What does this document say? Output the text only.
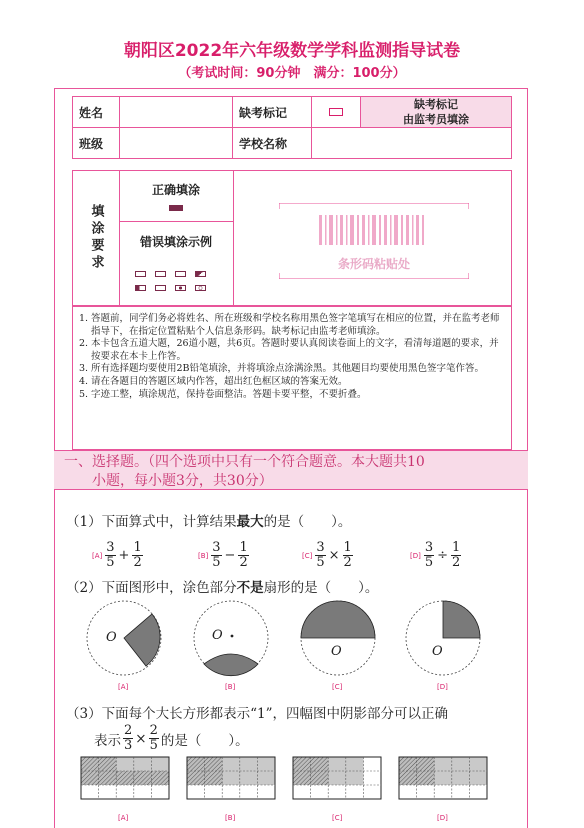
朝阳区2022年六年级数学学科监测指导试卷
（考试时间：90分钟　满分：100分）
姓名		缺考标记		缺考标记
由监考员填涂

班级		学校名称		
填涂要求
正确填涂
错误填涂示例
条形码粘贴处
1. 答题前，同学们务必将姓名、所在班级和学校名称用黑色签字笔填写在相应的位置，并在监考老师指导下，在指定位置粘贴个人信息条形码。缺考标记由监考老师填涂。
2. 本卡包含五道大题，26道小题，共6页。答题时要认真阅读卷面上的文字，看清每道题的要求，并按要求在本卡上作答。
3. 所有选择题均要使用2B铅笔填涂，并将填涂点涂满涂黑。其他题目均要使用黑色签字笔作答。
4. 请在各题目的答题区域内作答，超出红色框区域的答案无效。
5. 字迹工整，填涂规范，保持卷面整洁。答题卡要平整，不要折叠。
一、选择题。（四个选项中只有一个符合题意。本大题共10
小题，每小题3分，共30分）
（1）下面算式中，计算结果最大的是（　　）。
$[A] \frac{3}{5} + \frac{1}{2}$	$[B] \frac{3}{5} - \frac{1}{2}$	$[C] \frac{3}{5} \times \frac{1}{2}$	$[D] \frac{3}{5} \div \frac{1}{2}$
（2）下面图形中，涂色部分不是扇形的是（　　）。
O	O
O	O
[A]	[B]	[C]	[D]
（3）下面每个大长方形都表示“1”，四幅图中阴影部分可以正确
表示 $\frac{2}{3} \times \frac{2}{5}$ 的是（　　）。
[A]	[B]	[C]	[D]
